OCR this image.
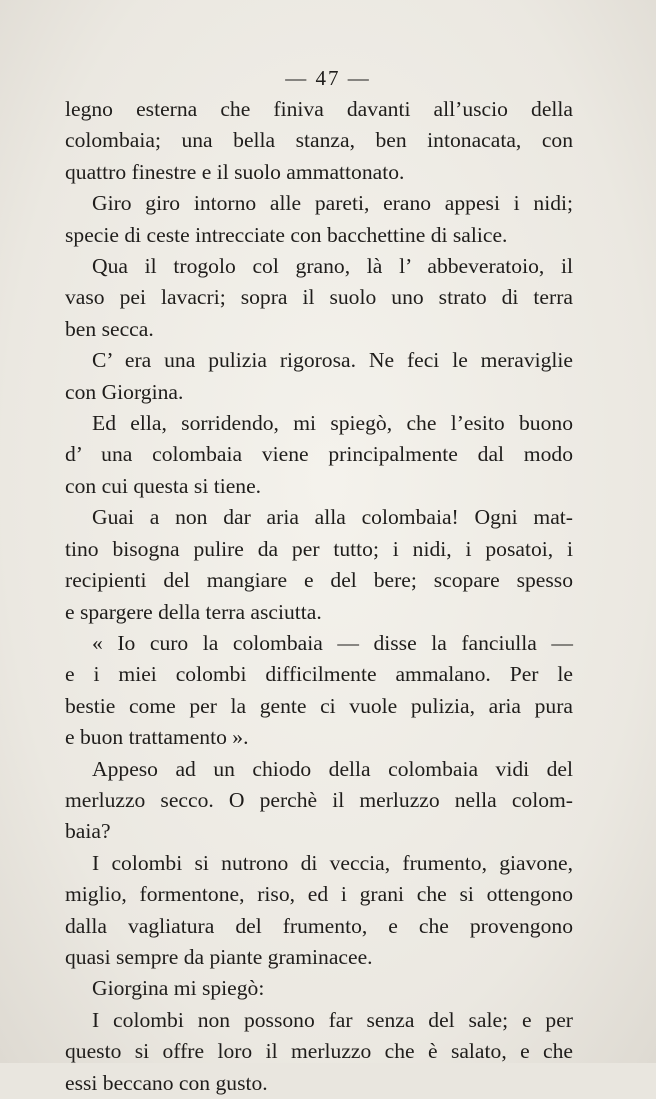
— 47 —

legno esterna che finiva davanti all’uscio della
colombaia; una bella stanza, ben intonacata, con
quattro finestre e il suolo ammattonato.

Giro giro intorno alle pareti, erano appesi i nidi;
specie di ceste intrecciate con bacchettine di salice.

Qua il trogolo col grano, là l’ abbeveratoio, il
vaso pei lavacri; sopra il suolo uno strato di terra
ben secca.

C’ era una pulizia rigorosa. Ne feci le meraviglie
con Giorgina.

Ed ella, sorridendo, mi spiegò, che l’esito buono
d’ una colombaia viene principalmente dal modo
con cui questa si tiene.

Guai a non dar aria alla colombaia! Ogni mat-
tino bisogna pulire da per tutto; i nidi, i posatoi, i
recipienti del mangiare e del bere; scopare spesso
e spargere della terra asciutta.

« Io curo la colombaia — disse la fanciulla —
e i miei colombi difficilmente ammalano. Per le
bestie come per la gente ci vuole pulizia, aria pura
e buon trattamento ».

Appeso ad un chiodo della colombaia vidi del
merluzzo secco. O perchè il merluzzo nella colom-
baia?

I colombi si nutrono di veccia, frumento, giavone,
miglio, formentone, riso, ed i grani che si ottengono
dalla vagliatura del frumento, e che provengono
quasi sempre da piante graminacee.

Giorgina mi spiegò:

I colombi non possono far senza del sale; e per
questo si offre loro il merluzzo che è salato, e che
essi beccano con gusto.
